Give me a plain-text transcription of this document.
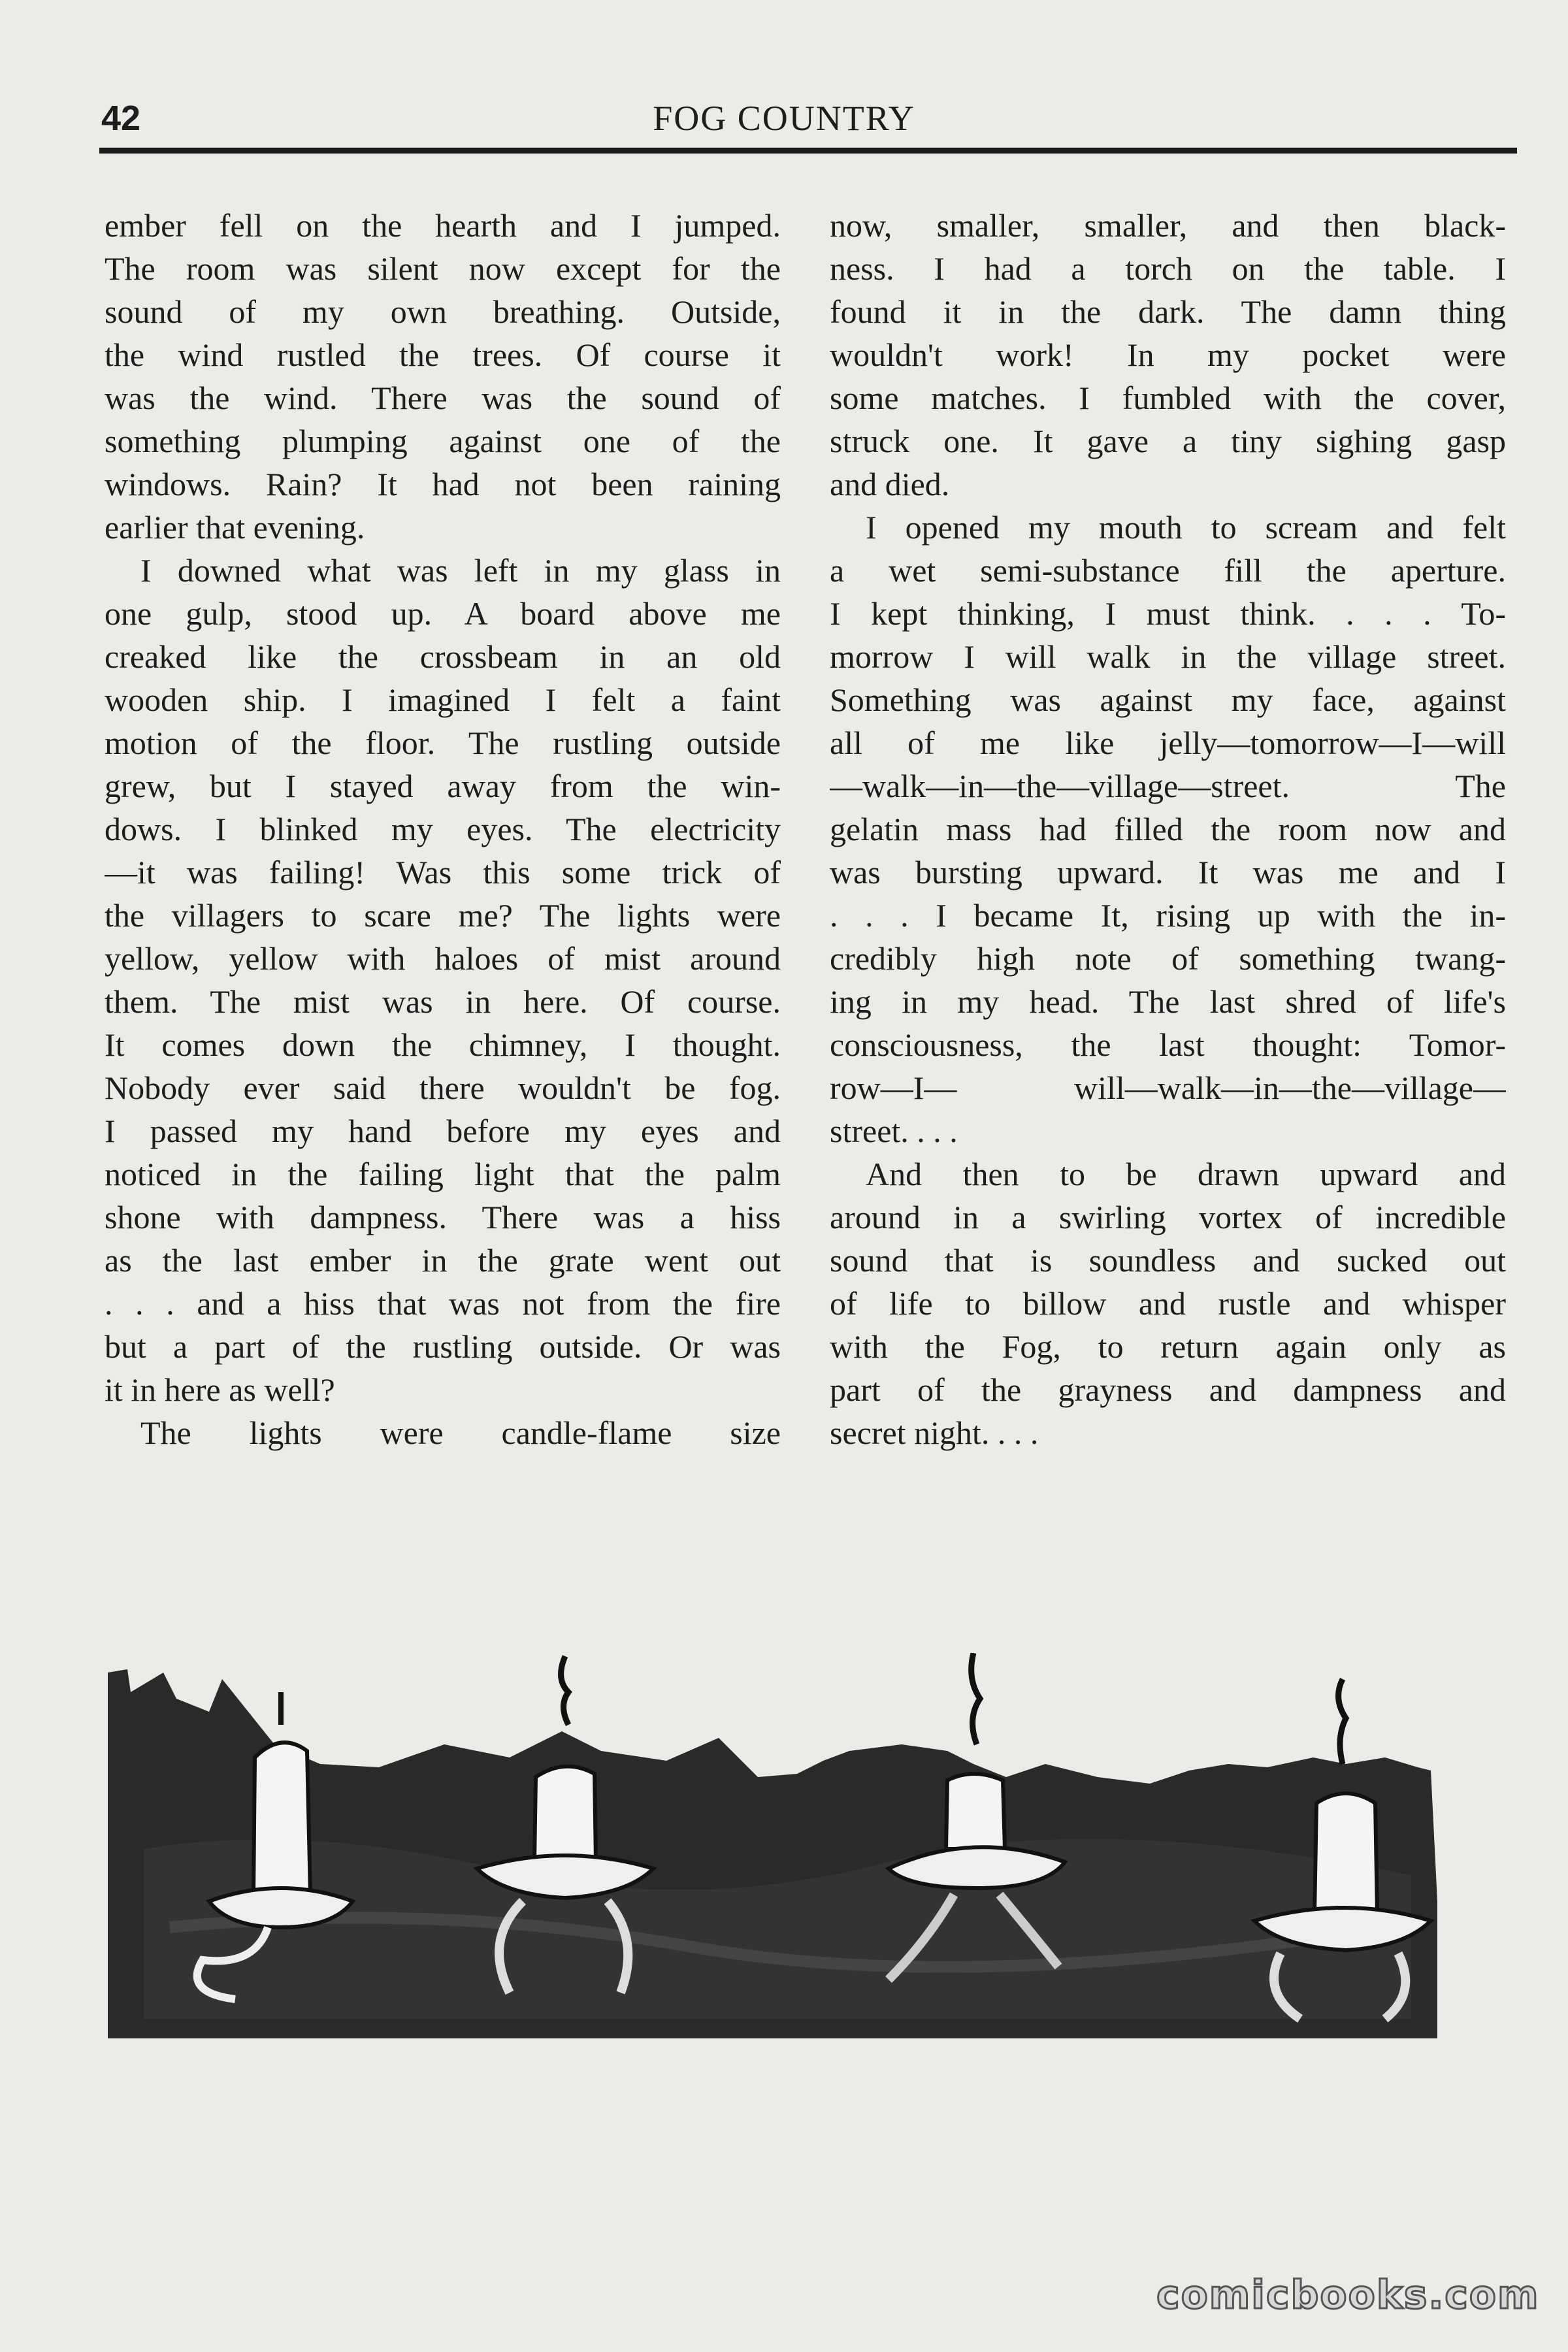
42	FOG COUNTRY
ember fell on the hearth and I jumped.
The room was silent now except for the
sound of my own breathing. Outside,
the wind rustled the trees. Of course it
was the wind. There was the sound of
something plumping against one of the
windows. Rain? It had not been raining
earlier that evening.
I downed what was left in my glass in
one gulp, stood up. A board above me
creaked like the crossbeam in an old
wooden ship. I imagined I felt a faint
motion of the floor. The rustling outside
grew, but I stayed away from the win-
dows. I blinked my eyes. The electricity
—it was failing! Was this some trick of
the villagers to scare me? The lights were
yellow, yellow with haloes of mist around
them. The mist was in here. Of course.
It comes down the chimney, I thought.
Nobody ever said there wouldn't be fog.
I passed my hand before my eyes and
noticed in the failing light that the palm
shone with dampness. There was a hiss
as the last ember in the grate went out
. . . and a hiss that was not from the fire
but a part of the rustling outside. Or was
it in here as well?
The lights were candle-flame size
now, smaller, smaller, and then black-
ness. I had a torch on the table. I
found it in the dark. The damn thing
wouldn't work! In my pocket were
some matches. I fumbled with the cover,
struck one. It gave a tiny sighing gasp
and died.
I opened my mouth to scream and felt
a wet semi-substance fill the aperture.
I kept thinking, I must think. . . . To-
morrow I will walk in the village street.
Something was against my face, against
all of me like jelly—tomorrow—I—will
—walk—in—the—village—street. The
gelatin mass had filled the room now and
was bursting upward. It was me and I
. . . I became It, rising up with the in-
credibly high note of something twang-
ing in my head. The last shred of life's
consciousness, the last thought: Tomor-
row—I— will—walk—in—the—village—
street. . . .
And then to be drawn upward and
around in a swirling vortex of incredible
sound that is soundless and sucked out
of life to billow and rustle and whisper
with the Fog, to return again only as
part of the grayness and dampness and
secret night. . . .
comicbooks.com
